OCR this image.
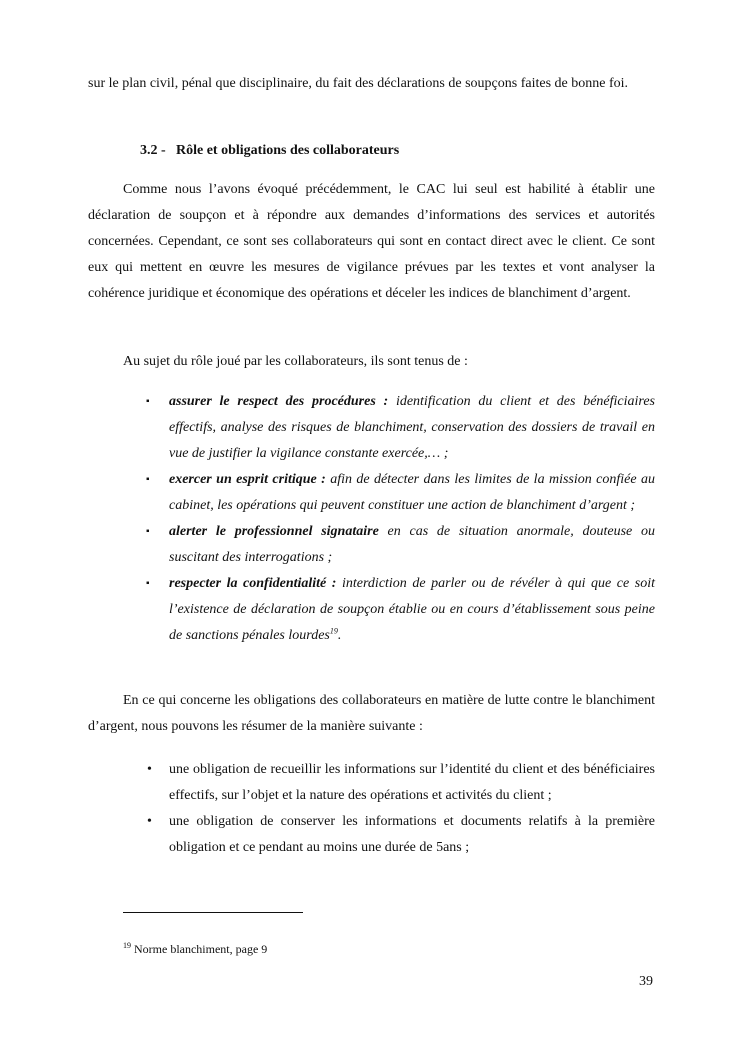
sur le plan civil, pénal que disciplinaire, du fait des déclarations de soupçons faites de bonne foi.

3.2 - Rôle et obligations des collaborateurs

Comme nous l’avons évoqué précédemment, le CAC lui seul est habilité à établir une déclaration de soupçon et à répondre aux demandes d’informations des services et autorités concernées. Cependant, ce sont ses collaborateurs qui sont en contact direct avec le client. Ce sont eux qui mettent en œuvre les mesures de vigilance prévues par les textes et vont analyser la cohérence juridique et économique des opérations et déceler les indices de blanchiment d’argent.

Au sujet du rôle joué par les collaborateurs, ils sont tenus de :

▪ assurer le respect des procédures : identification du client et des bénéficiaires effectifs, analyse des risques de blanchiment, conservation des dossiers de travail en vue de justifier la vigilance constante exercée,… ;
▪ exercer un esprit critique : afin de détecter dans les limites de la mission confiée au cabinet, les opérations qui peuvent constituer une action de blanchiment d’argent ;
▪ alerter le professionnel signataire en cas de situation anormale, douteuse ou suscitant des interrogations ;
▪ respecter la confidentialité : interdiction de parler ou de révéler à qui que ce soit l’existence de déclaration de soupçon établie ou en cours d’établissement sous peine de sanctions pénales lourdes$^{19}$.

En ce qui concerne les obligations des collaborateurs en matière de lutte contre le blanchiment d’argent, nous pouvons les résumer de la manière suivante :

• une obligation de recueillir les informations sur l’identité du client et des bénéficiaires effectifs, sur l’objet et la nature des opérations et activités du client ;
• une obligation de conserver les informations et documents relatifs à la première obligation et ce pendant au moins une durée de 5ans ;

$^{19}$ Norme blanchiment, page 9

39
